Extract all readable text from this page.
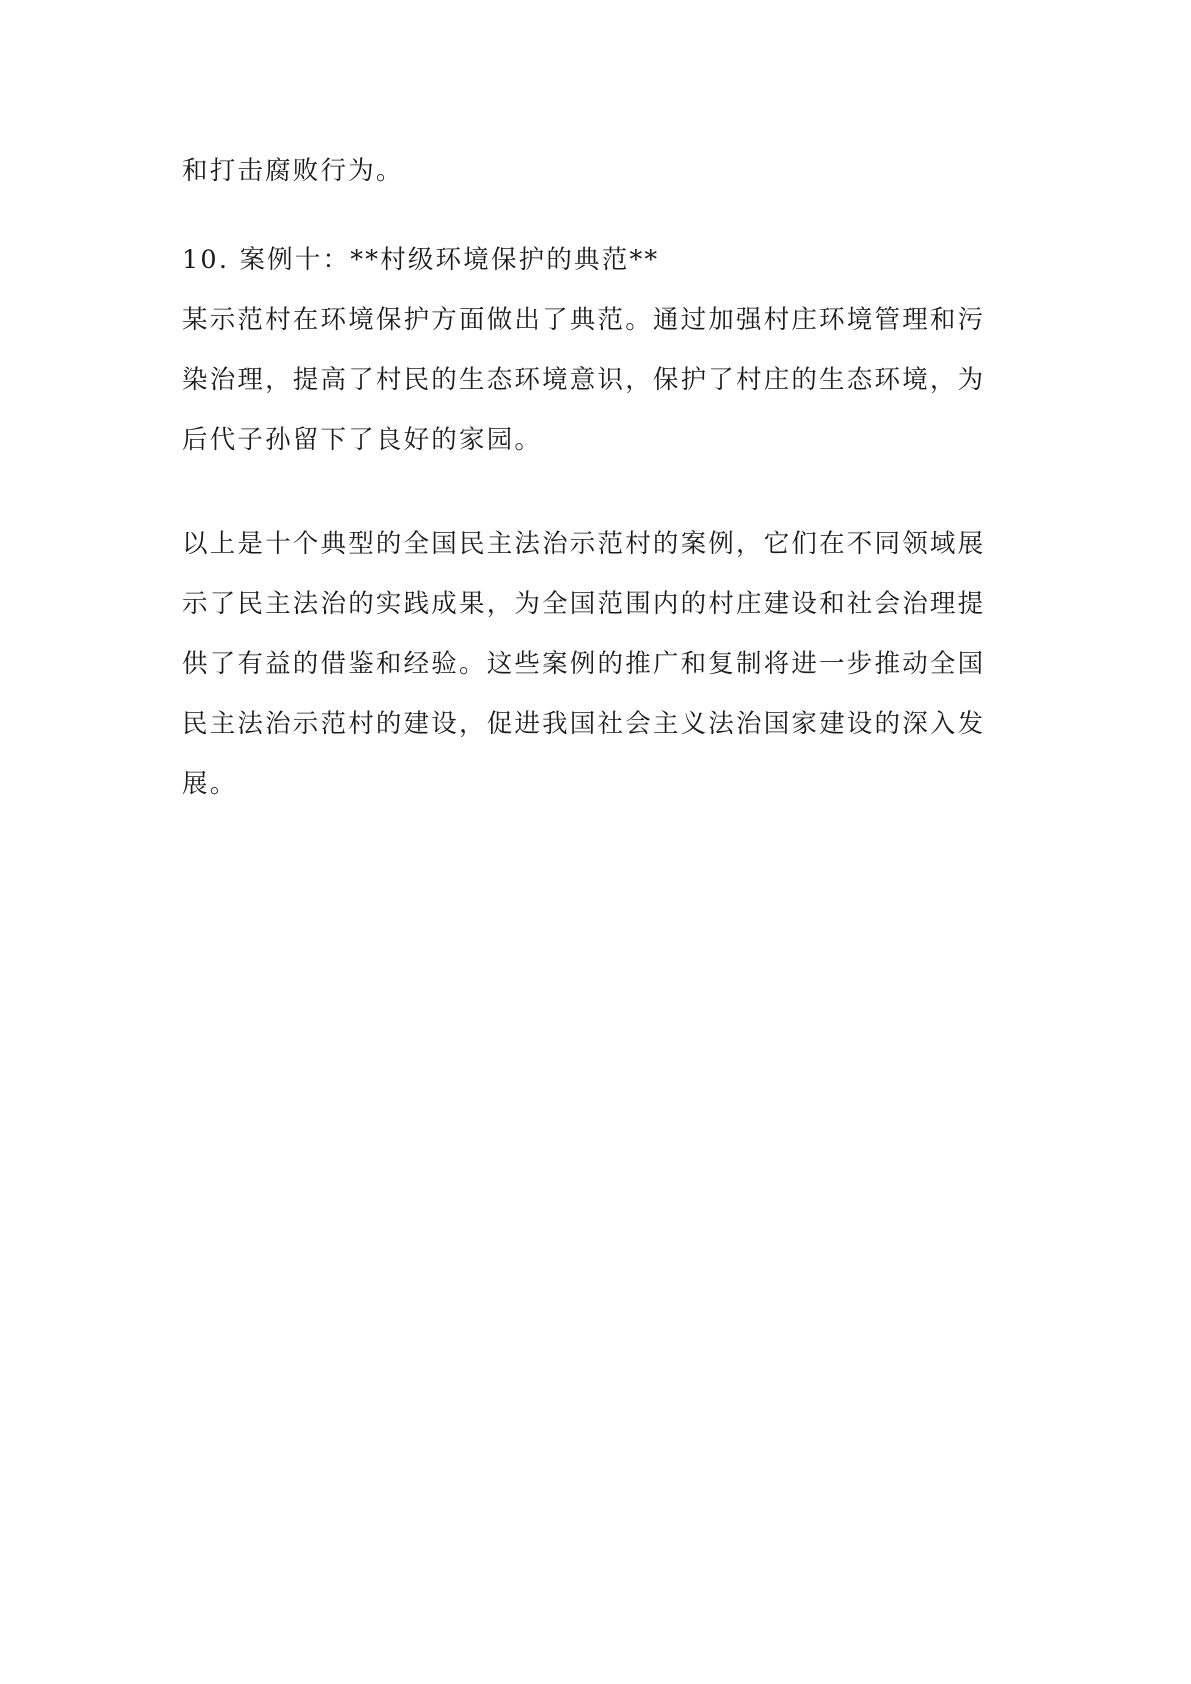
和打击腐败行为。
10. 案例十：**村级环境保护的典范**
某示范村在环境保护方面做出了典范。通过加强村庄环境管理和污
染治理，提高了村民的生态环境意识，保护了村庄的生态环境，为
后代子孙留下了良好的家园。
以上是十个典型的全国民主法治示范村的案例，它们在不同领域展
示了民主法治的实践成果，为全国范围内的村庄建设和社会治理提
供了有益的借鉴和经验。这些案例的推广和复制将进一步推动全国
民主法治示范村的建设，促进我国社会主义法治国家建设的深入发
展。
